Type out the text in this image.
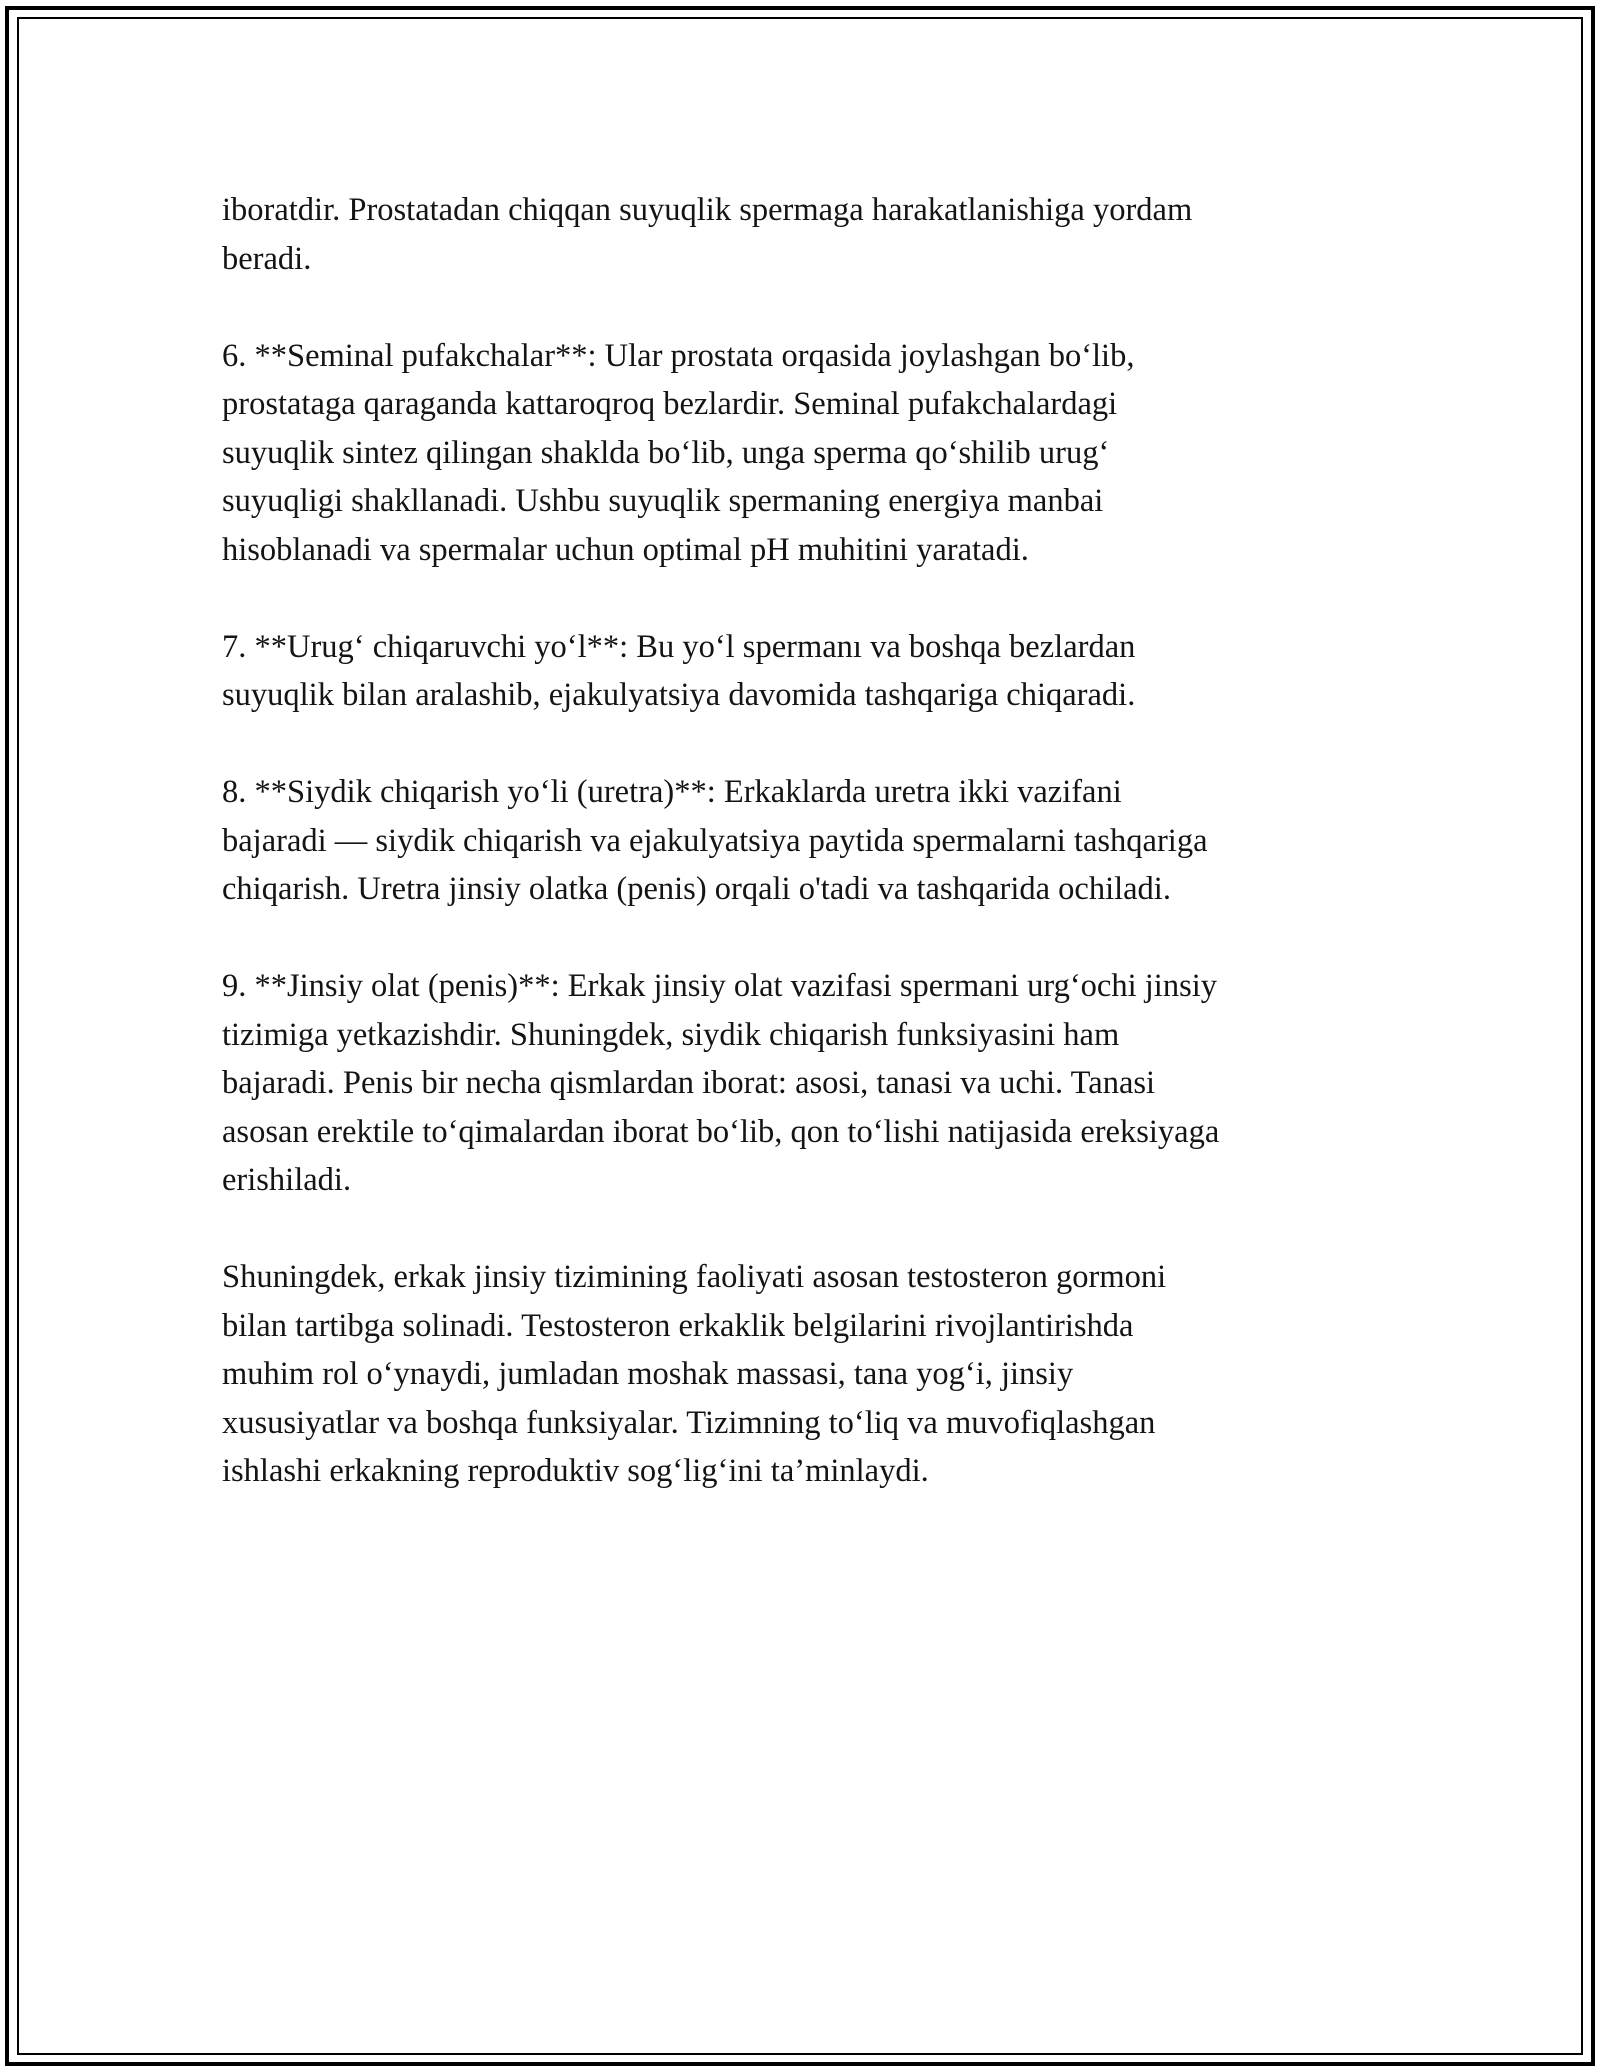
iboratdir. Prostatadan chiqqan suyuqlik spermaga harakatlanishiga yordam
beradi.

6. **Seminal pufakchalar**: Ular prostata orqasida joylashgan bo‘lib,
prostataga qaraganda kattaroqroq bezlardir. Seminal pufakchalardagi
suyuqlik sintez qilingan shaklda bo‘lib, unga sperma qo‘shilib urug‘
suyuqligi shakllanadi. Ushbu suyuqlik spermaning energiya manbai
hisoblanadi va spermalar uchun optimal pH muhitini yaratadi.

7. **Urug‘ chiqaruvchi yo‘l**: Bu yo‘l spermanı va boshqa bezlardan
suyuqlik bilan aralashib, ejakulyatsiya davomida tashqariga chiqaradi.

8. **Siydik chiqarish yo‘li (uretra)**: Erkaklarda uretra ikki vazifani
bajaradi — siydik chiqarish va ejakulyatsiya paytida spermalarni tashqariga
chiqarish. Uretra jinsiy olatka (penis) orqali o'tadi va tashqarida ochiladi.

9. **Jinsiy olat (penis)**: Erkak jinsiy olat vazifasi spermani urg‘ochi jinsiy
tizimiga yetkazishdir. Shuningdek, siydik chiqarish funksiyasini ham
bajaradi. Penis bir necha qismlardan iborat: asosi, tanasi va uchi. Tanasi
asosan erektile to‘qimalardan iborat bo‘lib, qon to‘lishi natijasida ereksiyaga
erishiladi.

Shuningdek, erkak jinsiy tizimining faoliyati asosan testosteron gormoni
bilan tartibga solinadi. Testosteron erkaklik belgilarini rivojlantirishda
muhim rol o‘ynaydi, jumladan moshak massasi, tana yog‘i, jinsiy
xususiyatlar va boshqa funksiyalar. Tizimning to‘liq va muvofiqlashgan
ishlashi erkakning reproduktiv sog‘lig‘ini ta’minlaydi.
